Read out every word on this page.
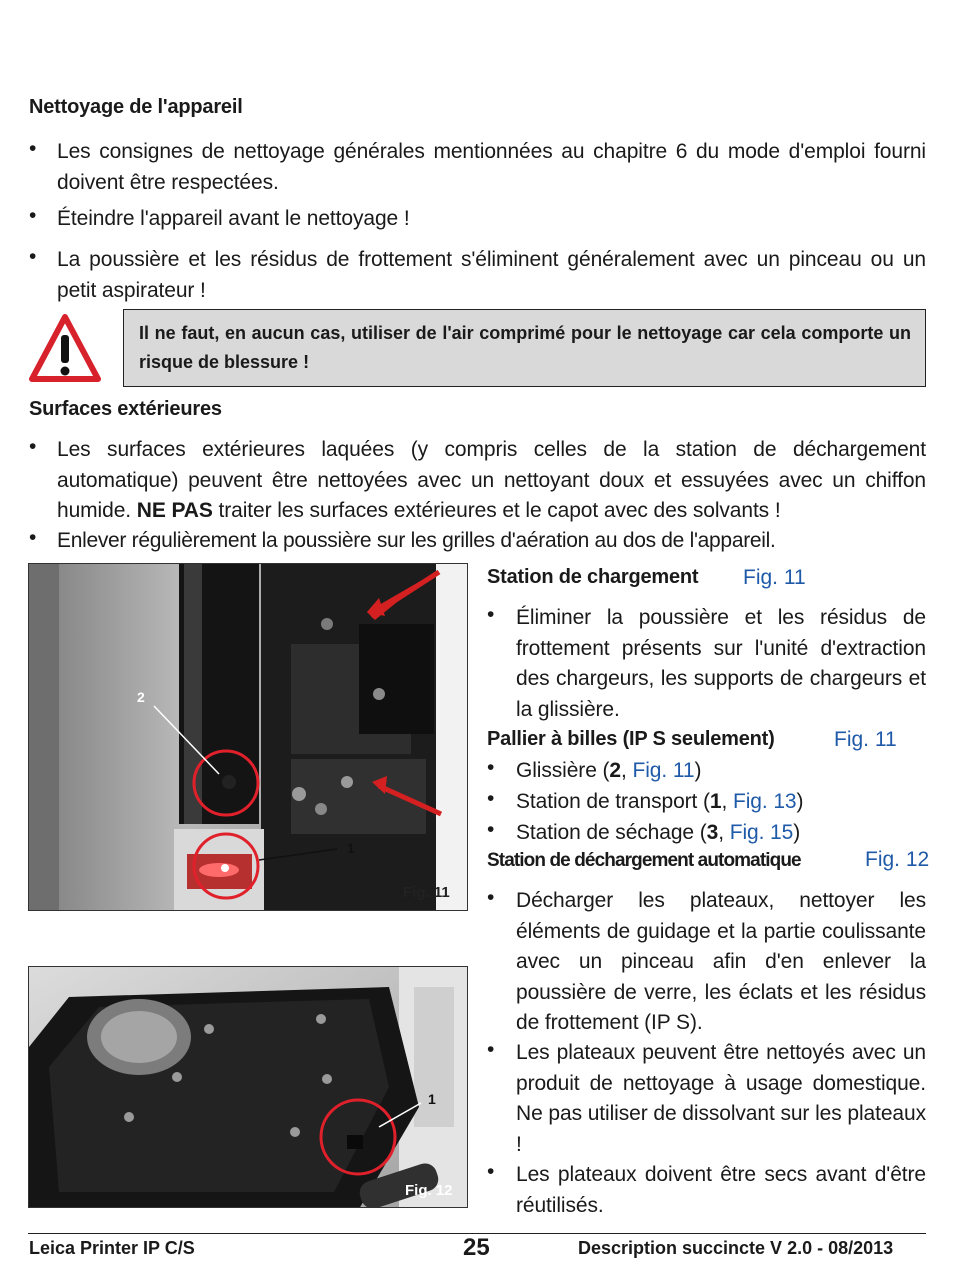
Nettoyage de l'appareil
• Les consignes de nettoyage générales mentionnées au chapitre 6 du mode d'emploi fourni doivent être respectées.
• Éteindre l'appareil avant le nettoyage !
• La poussière et les résidus de frottement s'éliminent généralement avec un pinceau ou un petit aspirateur !
Il ne faut, en aucun cas, utiliser de l'air comprimé pour le nettoyage car cela comporte un risque de blessure !
Surfaces extérieures
• Les surfaces extérieures laquées (y compris celles de la station de déchargement automatique) peuvent être nettoyées avec un nettoyant doux et essuyées avec un chiffon humide. NE PAS traiter les surfaces extérieures et le capot avec des solvants !
• Enlever régulièrement la poussière sur les grilles d'aération au dos de l'appareil.
2
1
Fig. 11
1
Fig. 12
Station de chargement Fig. 11
• Éliminer la poussière et les résidus de frottement présents sur l'unité d'extraction des chargeurs, les supports de chargeurs et la glissière.
Pallier à billes (IP S seulement)	Fig. 11
• Glissière (2, Fig. 11)
• Station de transport (1, Fig. 13)
• Station de séchage (3, Fig. 15)
Station de déchargement automatique	Fig. 12
• Décharger les plateaux, nettoyer les éléments de guidage et la partie coulissante avec un pinceau afin d'en enlever la poussière de verre, les éclats et les résidus de frottement (IP S).
• Les plateaux peuvent être nettoyés avec un produit de nettoyage à usage domestique. Ne pas utiliser de dissolvant sur les plateaux !
• Les plateaux doivent être secs avant d'être réutilisés.
Leica Printer IP C/S	25	Description succincte V 2.0 - 08/2013
